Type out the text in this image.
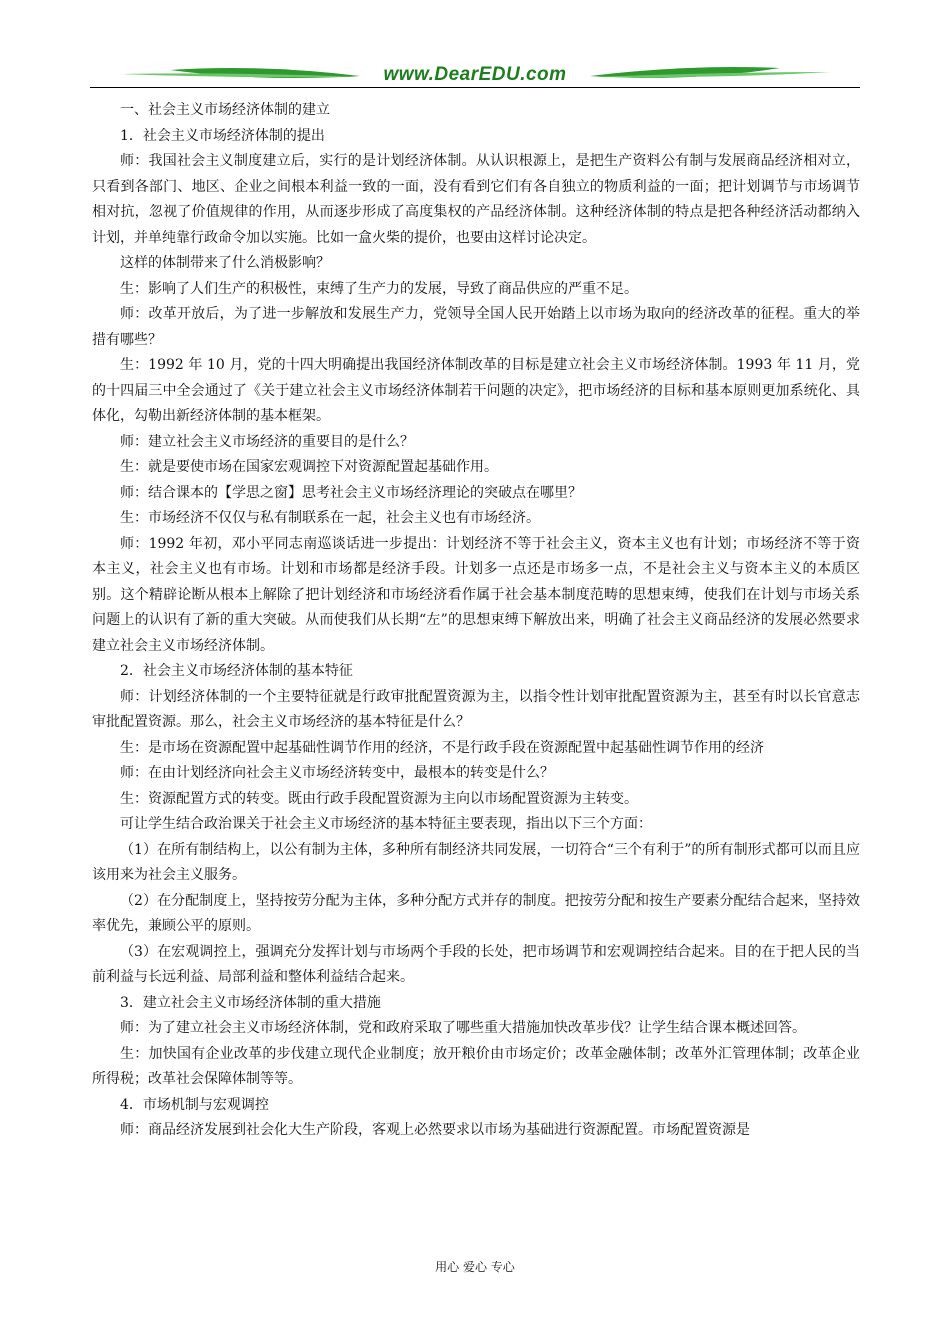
www.DearEDU.com

一、社会主义市场经济体制的建立

1．社会主义市场经济体制的提出

师：我国社会主义制度建立后，实行的是计划经济体制。从认识根源上，是把生产资料公有制与发展商品经济相对立，只看到各部门、地区、企业之间根本利益一致的一面，没有看到它们有各自独立的物质利益的一面；把计划调节与市场调节相对抗，忽视了价值规律的作用，从而逐步形成了高度集权的产品经济体制。这种经济体制的特点是把各种经济活动都纳入计划，并单纯靠行政命令加以实施。比如一盒火柴的提价，也要由这样讨论决定。

这样的体制带来了什么消极影响？

生：影响了人们生产的积极性，束缚了生产力的发展，导致了商品供应的严重不足。

师：改革开放后，为了进一步解放和发展生产力，党领导全国人民开始踏上以市场为取向的经济改革的征程。重大的举措有哪些？

生：1992 年 10 月，党的十四大明确提出我国经济体制改革的目标是建立社会主义市场经济体制。1993 年 11 月，党的十四届三中全会通过了《关于建立社会主义市场经济体制若干问题的决定》，把市场经济的目标和基本原则更加系统化、具体化，勾勒出新经济体制的基本框架。

师：建立社会主义市场经济的重要目的是什么？

生：就是要使市场在国家宏观调控下对资源配置起基础作用。

师：结合课本的【学思之窗】思考社会主义市场经济理论的突破点在哪里？

生：市场经济不仅仅与私有制联系在一起，社会主义也有市场经济。

师：1992 年初，邓小平同志南巡谈话进一步提出：计划经济不等于社会主义，资本主义也有计划；市场经济不等于资本主义，社会主义也有市场。计划和市场都是经济手段。计划多一点还是市场多一点，不是社会主义与资本主义的本质区别。这个精辟论断从根本上解除了把计划经济和市场经济看作属于社会基本制度范畴的思想束缚，使我们在计划与市场关系问题上的认识有了新的重大突破。从而使我们从长期“左”的思想束缚下解放出来，明确了社会主义商品经济的发展必然要求建立社会主义市场经济体制。

2．社会主义市场经济体制的基本特征

师：计划经济体制的一个主要特征就是行政审批配置资源为主，以指令性计划审批配置资源为主，甚至有时以长官意志审批配置资源。那么，社会主义市场经济的基本特征是什么？

生：是市场在资源配置中起基础性调节作用的经济，不是行政手段在资源配置中起基础性调节作用的经济

师：在由计划经济向社会主义市场经济转变中，最根本的转变是什么？

生：资源配置方式的转变。既由行政手段配置资源为主向以市场配置资源为主转变。

可让学生结合政治课关于社会主义市场经济的基本特征主要表现，指出以下三个方面：

（1）在所有制结构上，以公有制为主体，多种所有制经济共同发展，一切符合“三个有利于”的所有制形式都可以而且应该用来为社会主义服务。

（2）在分配制度上，坚持按劳分配为主体，多种分配方式并存的制度。把按劳分配和按生产要素分配结合起来，坚持效率优先，兼顾公平的原则。

（3）在宏观调控上，强调充分发挥计划与市场两个手段的长处，把市场调节和宏观调控结合起来。目的在于把人民的当前利益与长远利益、局部利益和整体利益结合起来。

3．建立社会主义市场经济体制的重大措施

师：为了建立社会主义市场经济体制，党和政府采取了哪些重大措施加快改革步伐？让学生结合课本概述回答。

生：加快国有企业改革的步伐建立现代企业制度；放开粮价由市场定价；改革金融体制；改革外汇管理体制；改革企业所得税；改革社会保障体制等等。

4．市场机制与宏观调控

师：商品经济发展到社会化大生产阶段，客观上必然要求以市场为基础进行资源配置。市场配置资源是

用心 爱心 专心
